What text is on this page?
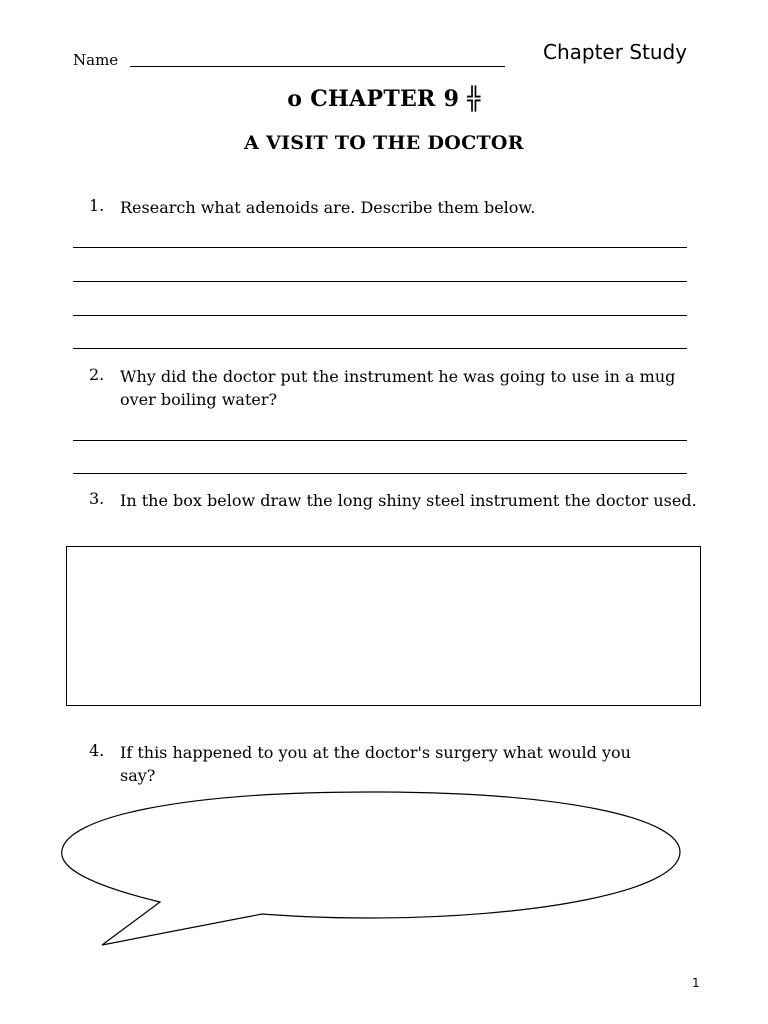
Name	Chapter Study
o CHAPTER 9 ╬
A VISIT TO THE DOCTOR
1. Research what adenoids are. Describe them below.
2. Why did the doctor put the instrument he was going to use in a mug over boiling water?
3. In the box below draw the long shiny steel instrument the doctor used.
4. If this happened to you at the doctor's surgery what would you say?
1
